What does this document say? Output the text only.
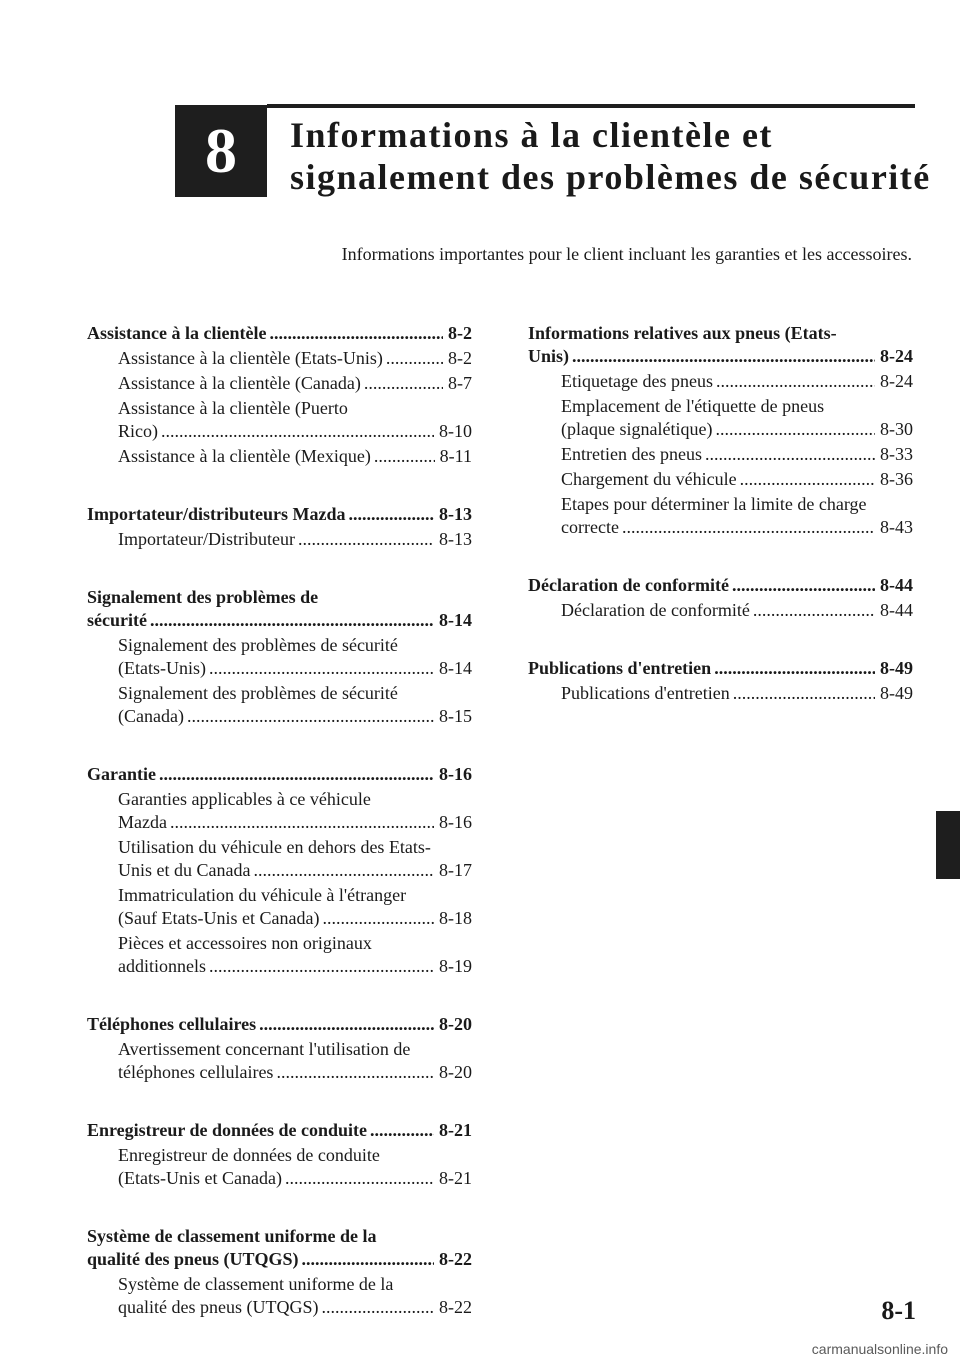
8 Informations à la clientèle et
signalement des problèmes de sécurité
Informations importantes pour le client incluant les garanties et les accessoires.
Assistance à la clientèle .....	8-2
Assistance à la clientèle (Etats-Unis) .....	8-2
Assistance à la clientèle (Canada) .....	8-7
Assistance à la clientèle (Puerto
Rico) .....	8-10
Assistance à la clientèle (Mexique) .....	8-11
Importateur/distributeurs Mazda .....	8-13
Importateur/Distributeur .....	8-13
Signalement des problèmes de
sécurité .....	8-14
Signalement des problèmes de sécurité
(Etats-Unis) .....	8-14
Signalement des problèmes de sécurité
(Canada) .....	8-15
Garantie .....	8-16
Garanties applicables à ce véhicule
Mazda .....	8-16
Utilisation du véhicule en dehors des Etats-
Unis et du Canada .....	8-17
Immatriculation du véhicule à l'étranger
(Sauf Etats-Unis et Canada) .....	8-18
Pièces et accessoires non originaux
additionnels .....	8-19
Téléphones cellulaires .....	8-20
Avertissement concernant l'utilisation de
téléphones cellulaires .....	8-20
Enregistreur de données de conduite .....	8-21
Enregistreur de données de conduite
(Etats-Unis et Canada) .....	8-21
Système de classement uniforme de la
qualité des pneus (UTQGS) .....	8-22
Système de classement uniforme de la
qualité des pneus (UTQGS) .....	8-22
Informations relatives aux pneus (Etats-
Unis) .....	8-24
Etiquetage des pneus .....	8-24
Emplacement de l'étiquette de pneus
(plaque signalétique) .....	8-30
Entretien des pneus .....	8-33
Chargement du véhicule .....	8-36
Etapes pour déterminer la limite de charge
correcte .....	8-43
Déclaration de conformité .....	8-44
Déclaration de conformité .....	8-44
Publications d'entretien .....	8-49
Publications d'entretien .....	8-49
8-1
carmanualsonline.info
